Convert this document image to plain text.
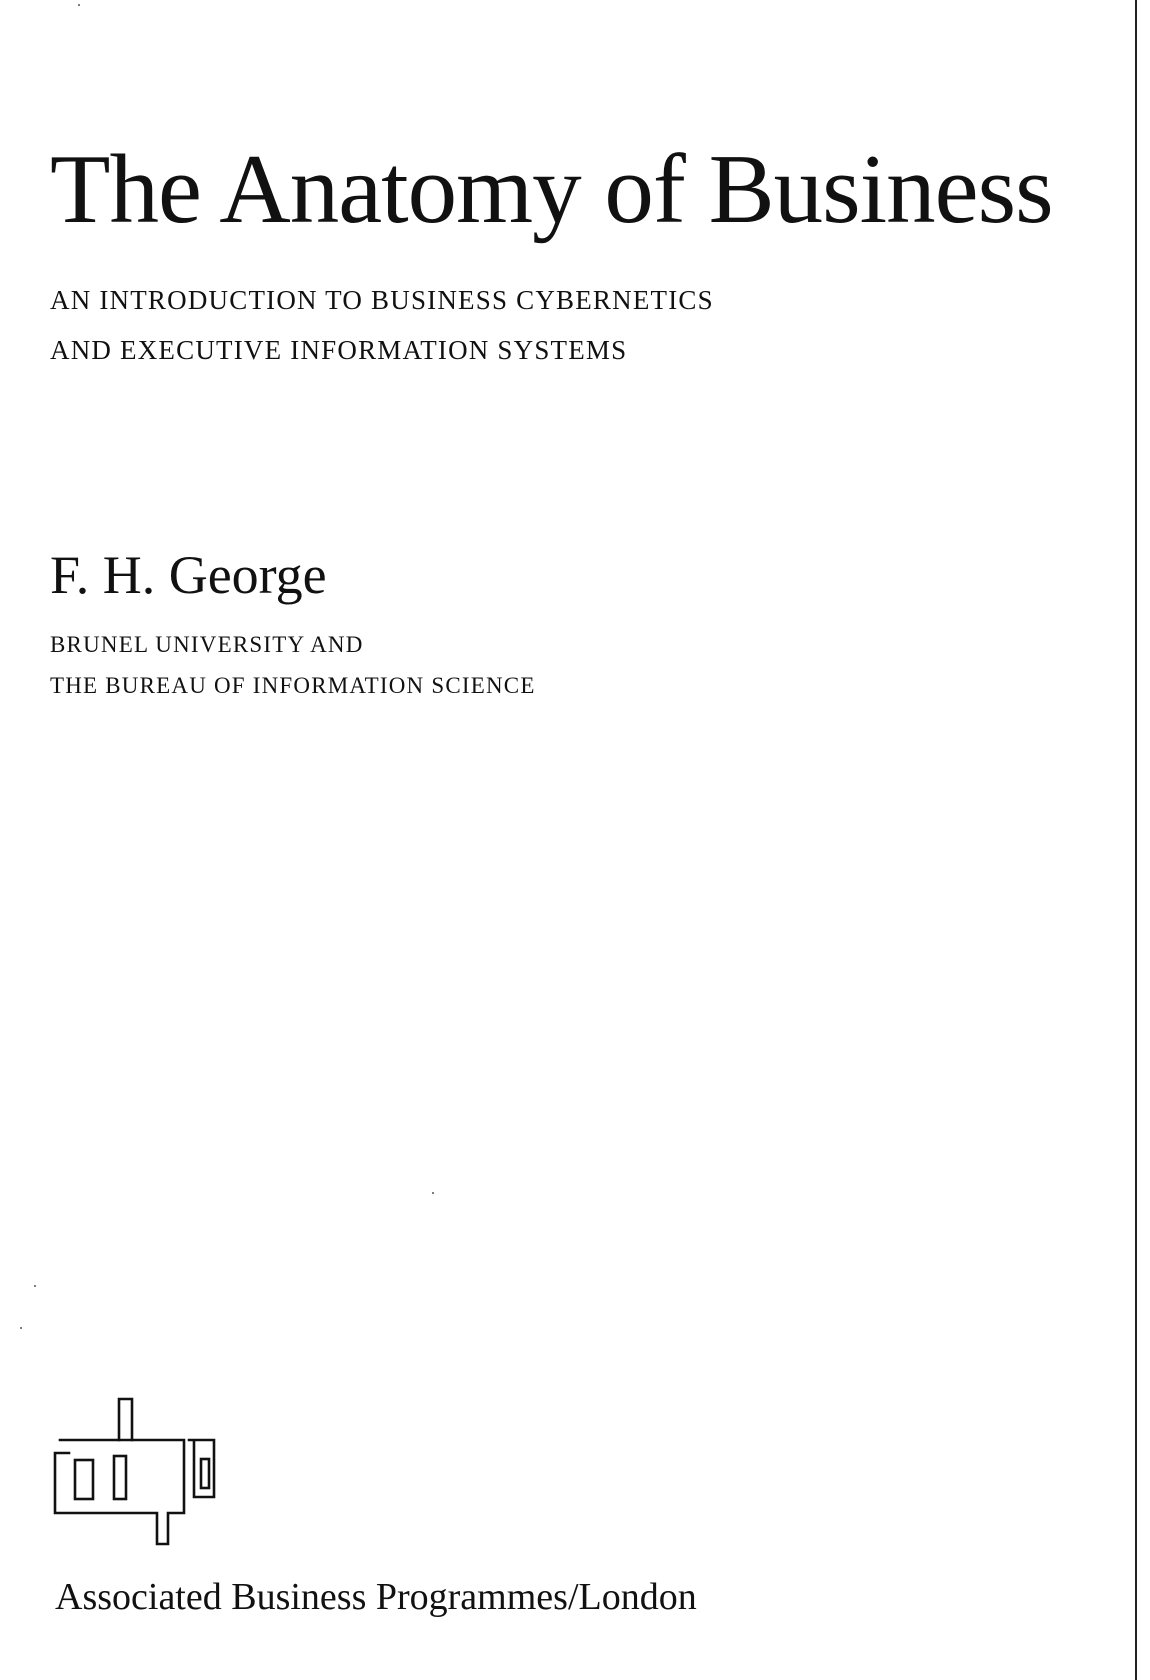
The Anatomy of Business

AN INTRODUCTION TO BUSINESS CYBERNETICS

AND EXECUTIVE INFORMATION SYSTEMS

F. H. George

BRUNEL UNIVERSITY AND

THE BUREAU OF INFORMATION SCIENCE

Associated Business Programmes/London
